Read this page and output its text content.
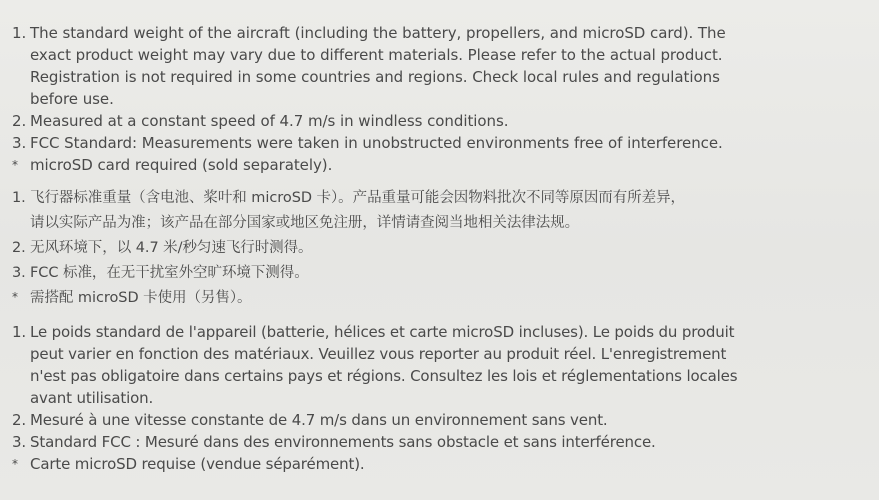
1. The standard weight of the aircraft (including the battery, propellers, and microSD card). The
exact product weight may vary due to different materials. Please refer to the actual product.
Registration is not required in some countries and regions. Check local rules and regulations
before use.
2. Measured at a constant speed of 4.7 m/s in windless conditions.
3. FCC Standard: Measurements were taken in unobstructed environments free of interference.
* microSD card required (sold separately).
1. 飞行器标准重量（含电池、桨叶和 microSD 卡）。产品重量可能会因物料批次不同等原因而有所差异，
请以实际产品为准；该产品在部分国家或地区免注册，详情请查阅当地相关法律法规。
2. 无风环境下，以 4.7 米/秒匀速飞行时测得。
3. FCC 标准，在无干扰室外空旷环境下测得。
* 需搭配 microSD 卡使用（另售）。
1. Le poids standard de l'appareil (batterie, hélices et carte microSD incluses). Le poids du produit
peut varier en fonction des matériaux. Veuillez vous reporter au produit réel. L'enregistrement
n'est pas obligatoire dans certains pays et régions. Consultez les lois et réglementations locales
avant utilisation.
2. Mesuré à une vitesse constante de 4.7 m/s dans un environnement sans vent.
3. Standard FCC : Mesuré dans des environnements sans obstacle et sans interférence.
* Carte microSD requise (vendue séparément).
